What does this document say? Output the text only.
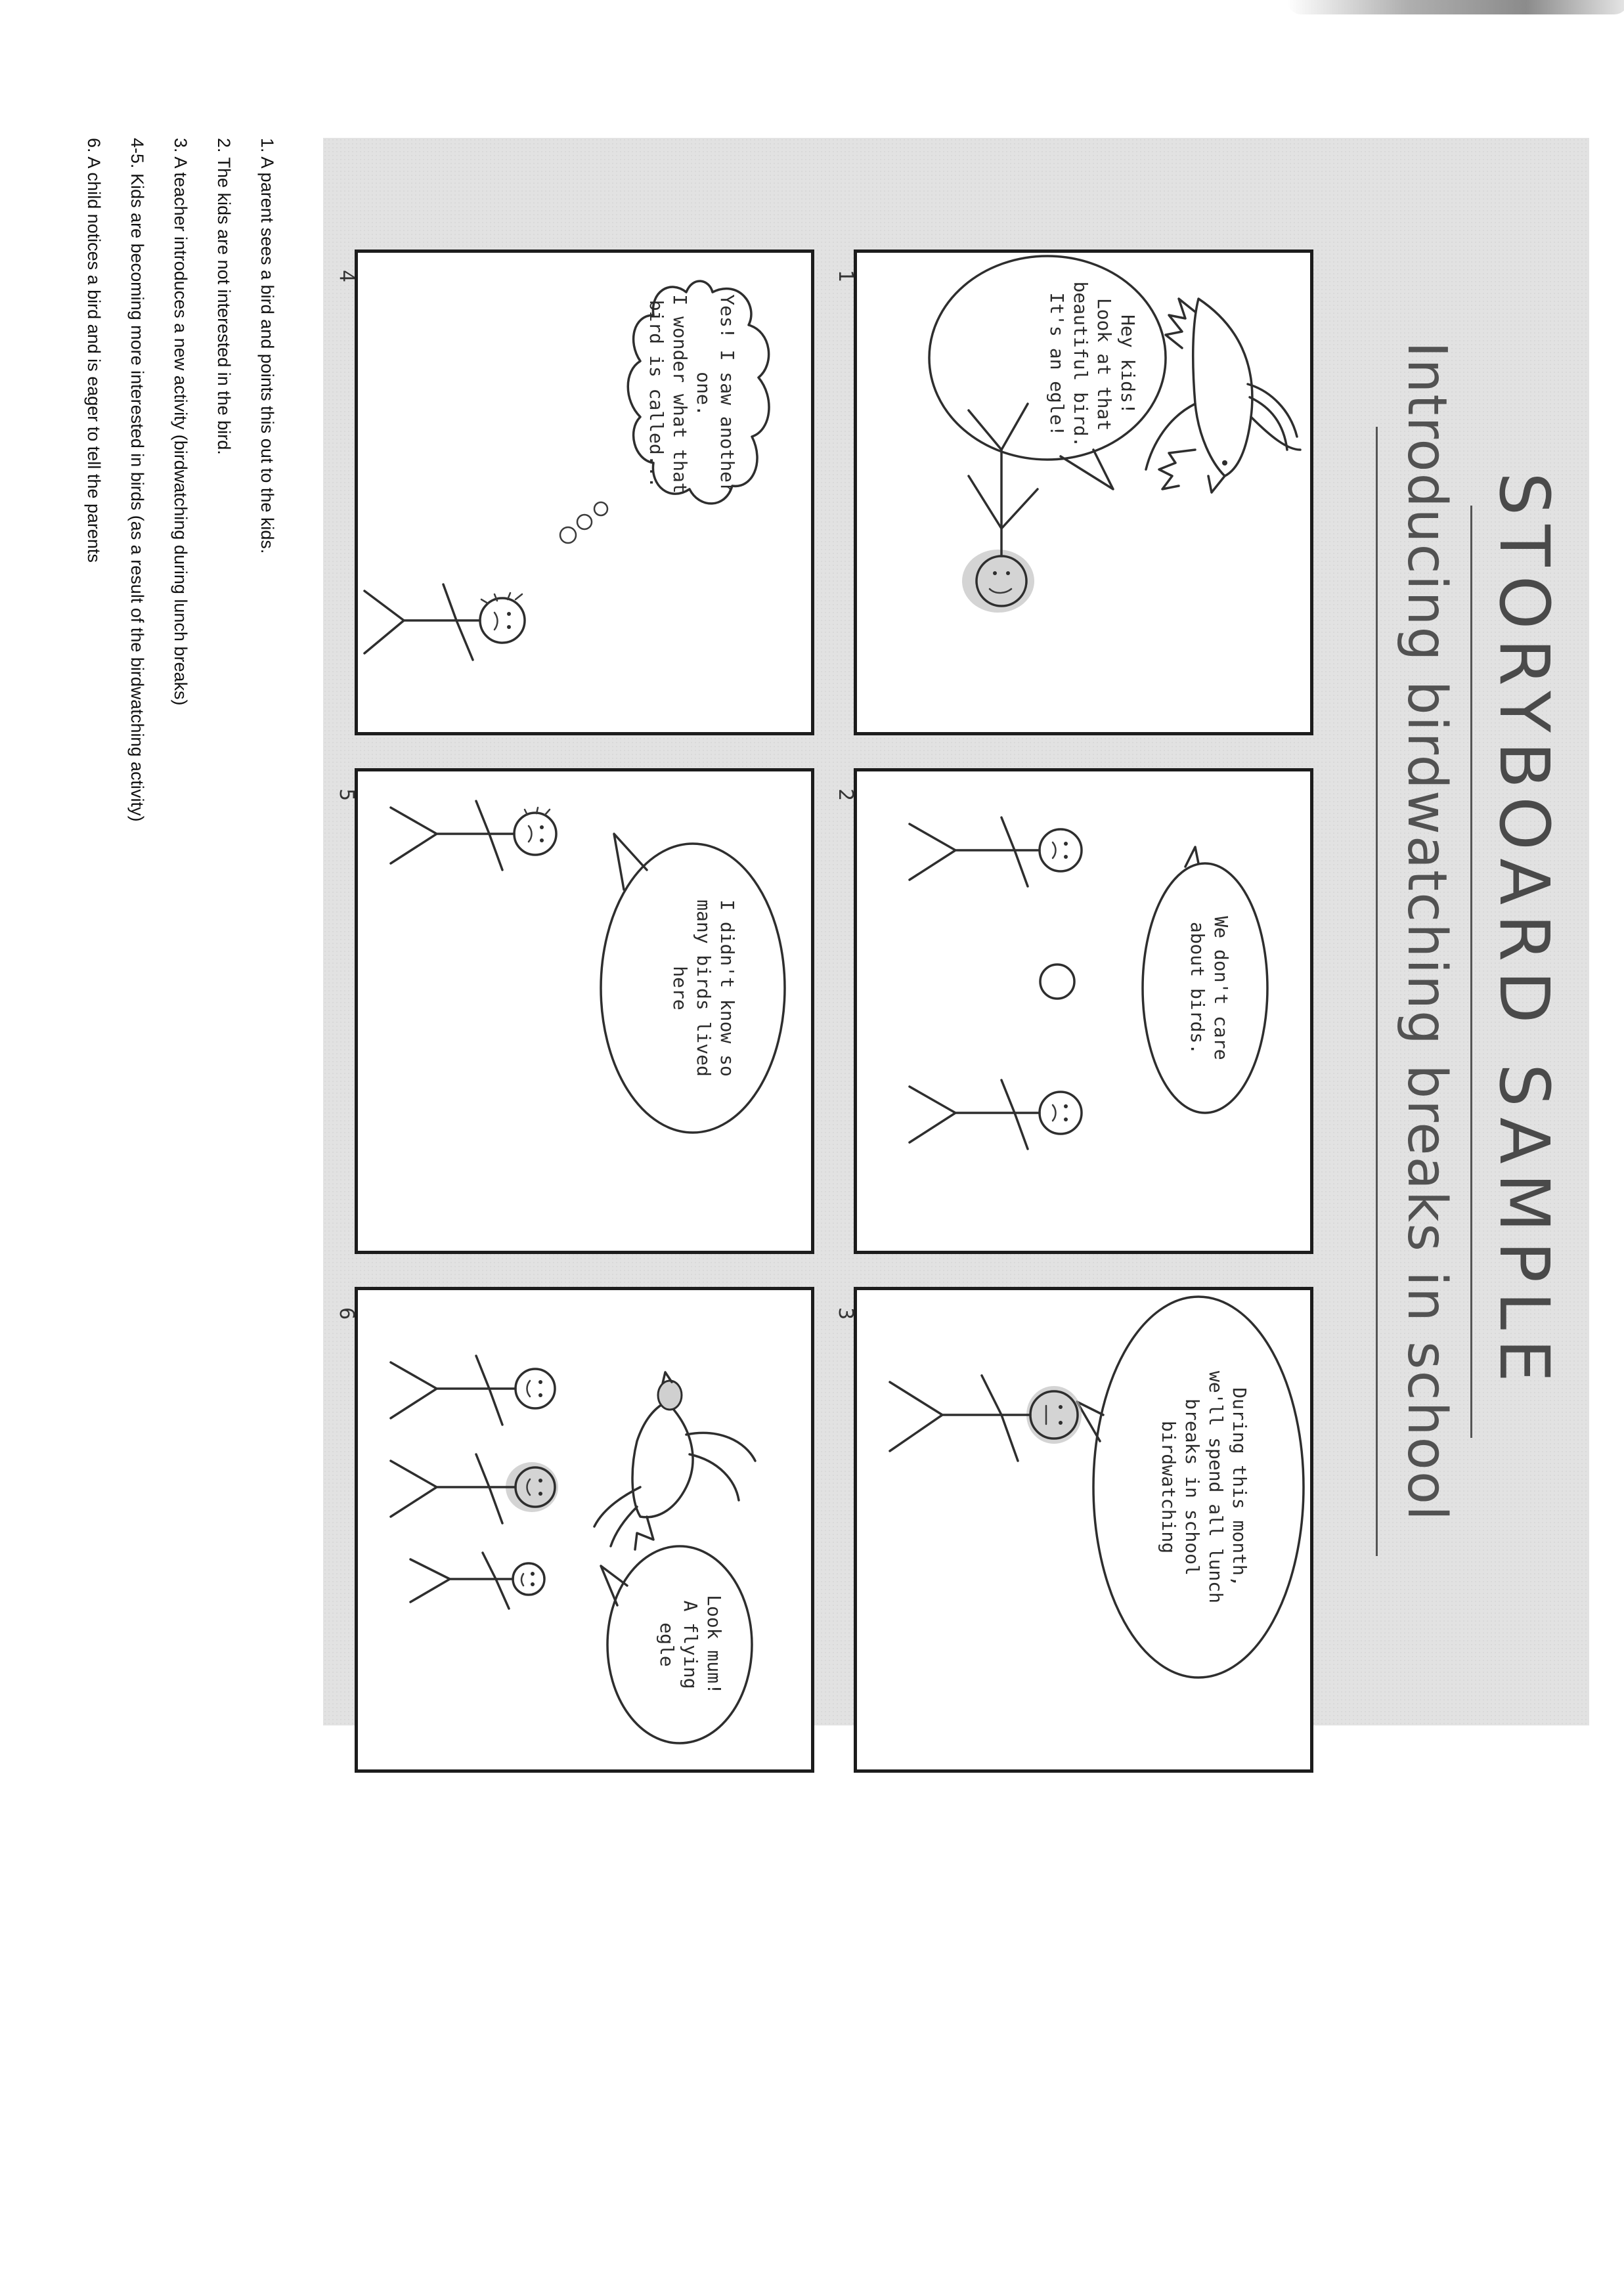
STORYBOARD SAMPLE
Introducing birdwatching breaks in school
Hey kids!
Look at that
beautiful bird.
It's an egle!
1
We don't care
about birds.
2
During this month,
we'll spend all lunch
breaks in school
birdwatching
3
Yes! I saw another one.
I wonder what that
bird is called...
4
I didn't know so
many birds lived
here
5
Look mum!
A flying
egle
6
1. A parent sees a bird and points this out to the kids.
2. The kids are not interested in the bird.
3. A teacher introduces a new activity (birdwatching during lunch breaks)
4-5. Kids are becoming more interested in birds (as a result of the birdwatching activity)
6. A child notices a bird and is eager to tell the parents
